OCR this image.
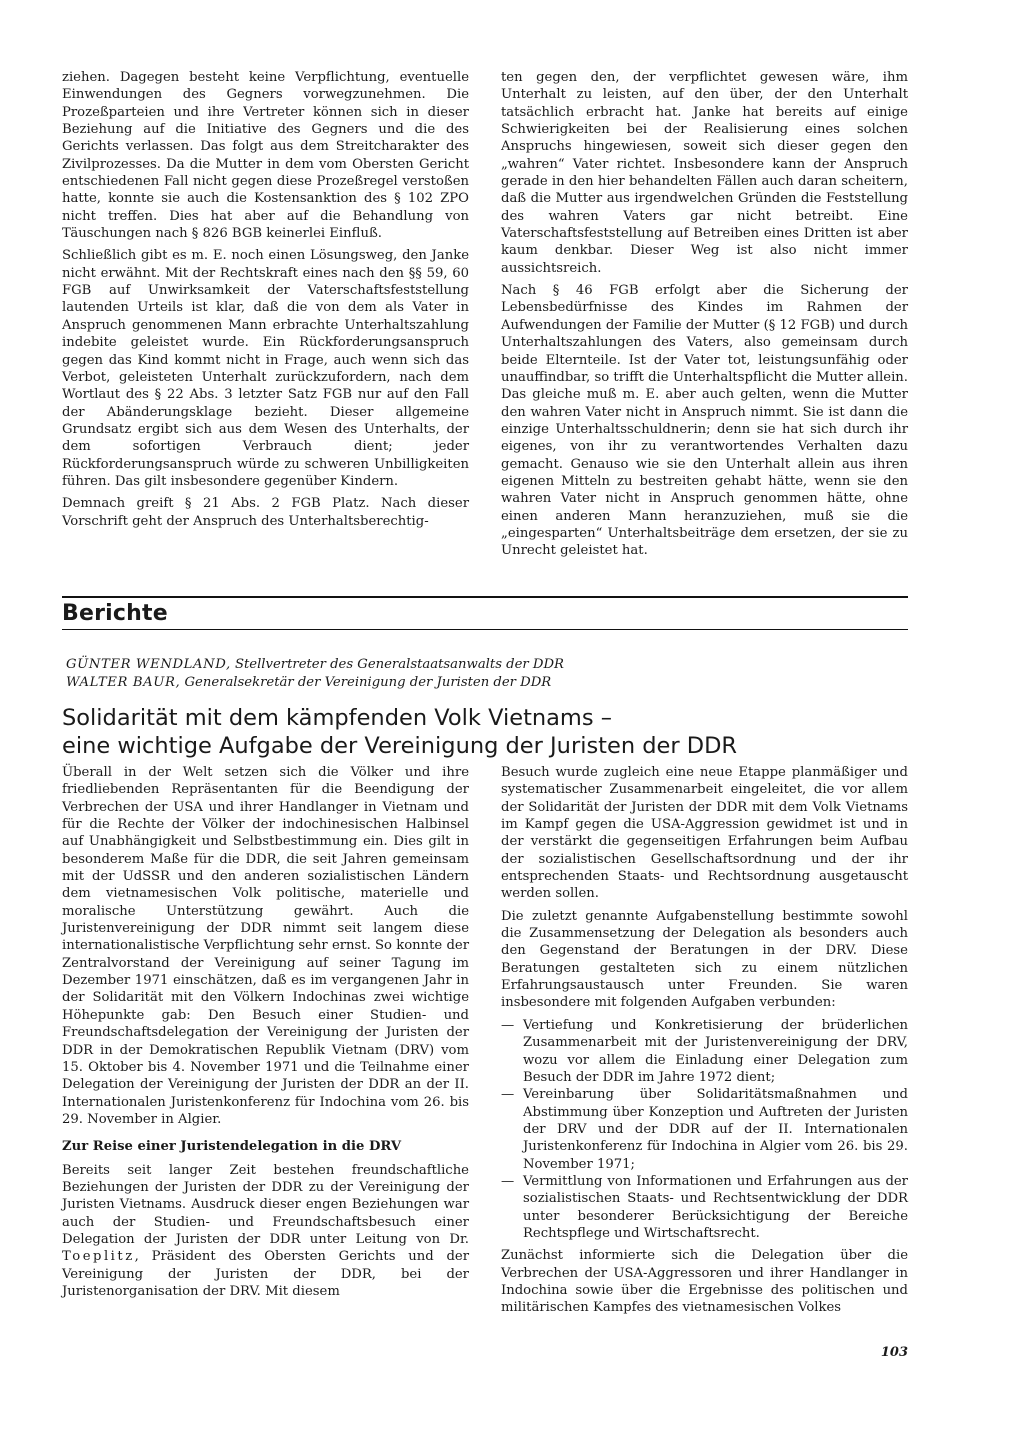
ziehen. Dagegen besteht keine Verpflichtung, eventuelle Einwendungen des Gegners vorwegzunehmen. Die Prozeßparteien und ihre Vertreter können sich in dieser Beziehung auf die Initiative des Gegners und die des Gerichts verlassen. Das folgt aus dem Streitcharakter des Zivilprozesses. Da die Mutter in dem vom Obersten Gericht entschiedenen Fall nicht gegen diese Prozeßregel verstoßen hatte, konnte sie auch die Kostensanktion des § 102 ZPO nicht treffen. Dies hat aber auf die Behandlung von Täuschungen nach § 826 BGB keinerlei Einfluß.

Schließlich gibt es m. E. noch einen Lösungsweg, den Janke nicht erwähnt. Mit der Rechtskraft eines nach den §§ 59, 60 FGB auf Unwirksamkeit der Vaterschaftsfeststellung lautenden Urteils ist klar, daß die von dem als Vater in Anspruch genommenen Mann erbrachte Unterhaltszahlung indebite geleistet wurde. Ein Rückforderungsanspruch gegen das Kind kommt nicht in Frage, auch wenn sich das Verbot, geleisteten Unterhalt zurückzufordern, nach dem Wortlaut des § 22 Abs. 3 letzter Satz FGB nur auf den Fall der Abänderungsklage bezieht. Dieser allgemeine Grundsatz ergibt sich aus dem Wesen des Unterhalts, der dem sofortigen Verbrauch dient; jeder Rückforderungsanspruch würde zu schweren Unbilligkeiten führen. Das gilt insbesondere gegenüber Kindern.

Demnach greift § 21 Abs. 2 FGB Platz. Nach dieser Vorschrift geht der Anspruch des Unterhaltsberechtig-

ten gegen den, der verpflichtet gewesen wäre, ihm Unterhalt zu leisten, auf den über, der den Unterhalt tatsächlich erbracht hat. Janke hat bereits auf einige Schwierigkeiten bei der Realisierung eines solchen Anspruchs hingewiesen, soweit sich dieser gegen den „wahren“ Vater richtet. Insbesondere kann der Anspruch gerade in den hier behandelten Fällen auch daran scheitern, daß die Mutter aus irgendwelchen Gründen die Feststellung des wahren Vaters gar nicht betreibt. Eine Vaterschaftsfeststellung auf Betreiben eines Dritten ist aber kaum denkbar. Dieser Weg ist also nicht immer aussichtsreich.

Nach § 46 FGB erfolgt aber die Sicherung der Lebensbedürfnisse des Kindes im Rahmen der Aufwendungen der Familie der Mutter (§ 12 FGB) und durch Unterhaltszahlungen des Vaters, also gemeinsam durch beide Elternteile. Ist der Vater tot, leistungsunfähig oder unauffindbar, so trifft die Unterhaltspflicht die Mutter allein. Das gleiche muß m. E. aber auch gelten, wenn die Mutter den wahren Vater nicht in Anspruch nimmt. Sie ist dann die einzige Unterhaltsschuldnerin; denn sie hat sich durch ihr eigenes, von ihr zu verantwortendes Verhalten dazu gemacht. Genauso wie sie den Unterhalt allein aus ihren eigenen Mitteln zu bestreiten gehabt hätte, wenn sie den wahren Vater nicht in Anspruch genommen hätte, ohne einen anderen Mann heranzuziehen, muß sie die „eingesparten“ Unterhaltsbeiträge dem ersetzen, der sie zu Unrecht geleistet hat.

Berichte
GÜNTER WENDLAND, Stellvertreter des Generalstaatsanwalts der DDR
WALTER BAUR, Generalsekretär der Vereinigung der Juristen der DDR
Solidarität mit dem kämpfenden Volk Vietnams –
eine wichtige Aufgabe der Vereinigung der Juristen der DDR

Überall in der Welt setzen sich die Völker und ihre friedliebenden Repräsentanten für die Beendigung der Verbrechen der USA und ihrer Handlanger in Vietnam und für die Rechte der Völker der indochinesischen Halbinsel auf Unabhängigkeit und Selbstbestimmung ein. Dies gilt in besonderem Maße für die DDR, die seit Jahren gemeinsam mit der UdSSR und den anderen sozialistischen Ländern dem vietnamesischen Volk politische, materielle und moralische Unterstützung gewährt. Auch die Juristenvereinigung der DDR nimmt seit langem diese internationalistische Verpflichtung sehr ernst. So konnte der Zentralvorstand der Vereinigung auf seiner Tagung im Dezember 1971 einschätzen, daß es im vergangenen Jahr in der Solidarität mit den Völkern Indochinas zwei wichtige Höhepunkte gab: Den Besuch einer Studien- und Freundschaftsdelegation der Vereinigung der Juristen der DDR in der Demokratischen Republik Vietnam (DRV) vom 15. Oktober bis 4. November 1971 und die Teilnahme einer Delegation der Vereinigung der Juristen der DDR an der II. Internationalen Juristenkonferenz für Indochina vom 26. bis 29. November in Algier.

Zur Reise einer Juristendelegation in die DRV

Bereits seit langer Zeit bestehen freundschaftliche Beziehungen der Juristen der DDR zu der Vereinigung der Juristen Vietnams. Ausdruck dieser engen Beziehungen war auch der Studien- und Freundschaftsbesuch einer Delegation der Juristen der DDR unter Leitung von Dr. Toeplitz, Präsident des Obersten Gerichts und der Vereinigung der Juristen der DDR, bei der Juristenorganisation der DRV. Mit diesem

Besuch wurde zugleich eine neue Etappe planmäßiger und systematischer Zusammenarbeit eingeleitet, die vor allem der Solidarität der Juristen der DDR mit dem Volk Vietnams im Kampf gegen die USA-Aggression gewidmet ist und in der verstärkt die gegenseitigen Erfahrungen beim Aufbau der sozialistischen Gesellschaftsordnung und der ihr entsprechenden Staats- und Rechtsordnung ausgetauscht werden sollen.

Die zuletzt genannte Aufgabenstellung bestimmte sowohl die Zusammensetzung der Delegation als besonders auch den Gegenstand der Beratungen in der DRV. Diese Beratungen gestalteten sich zu einem nützlichen Erfahrungsaustausch unter Freunden. Sie waren insbesondere mit folgenden Aufgaben verbunden:

— Vertiefung und Konkretisierung der brüderlichen Zusammenarbeit mit der Juristenvereinigung der DRV, wozu vor allem die Einladung einer Delegation zum Besuch der DDR im Jahre 1972 dient;
— Vereinbarung über Solidaritätsmaßnahmen und Abstimmung über Konzeption und Auftreten der Juristen der DRV und der DDR auf der II. Internationalen Juristenkonferenz für Indochina in Algier vom 26. bis 29. November 1971;
— Vermittlung von Informationen und Erfahrungen aus der sozialistischen Staats- und Rechtsentwicklung der DDR unter besonderer Berücksichtigung der Bereiche Rechtspflege und Wirtschaftsrecht.

Zunächst informierte sich die Delegation über die Verbrechen der USA-Aggressoren und ihrer Handlanger in Indochina sowie über die Ergebnisse des politischen und militärischen Kampfes des vietnamesischen Volkes

103
